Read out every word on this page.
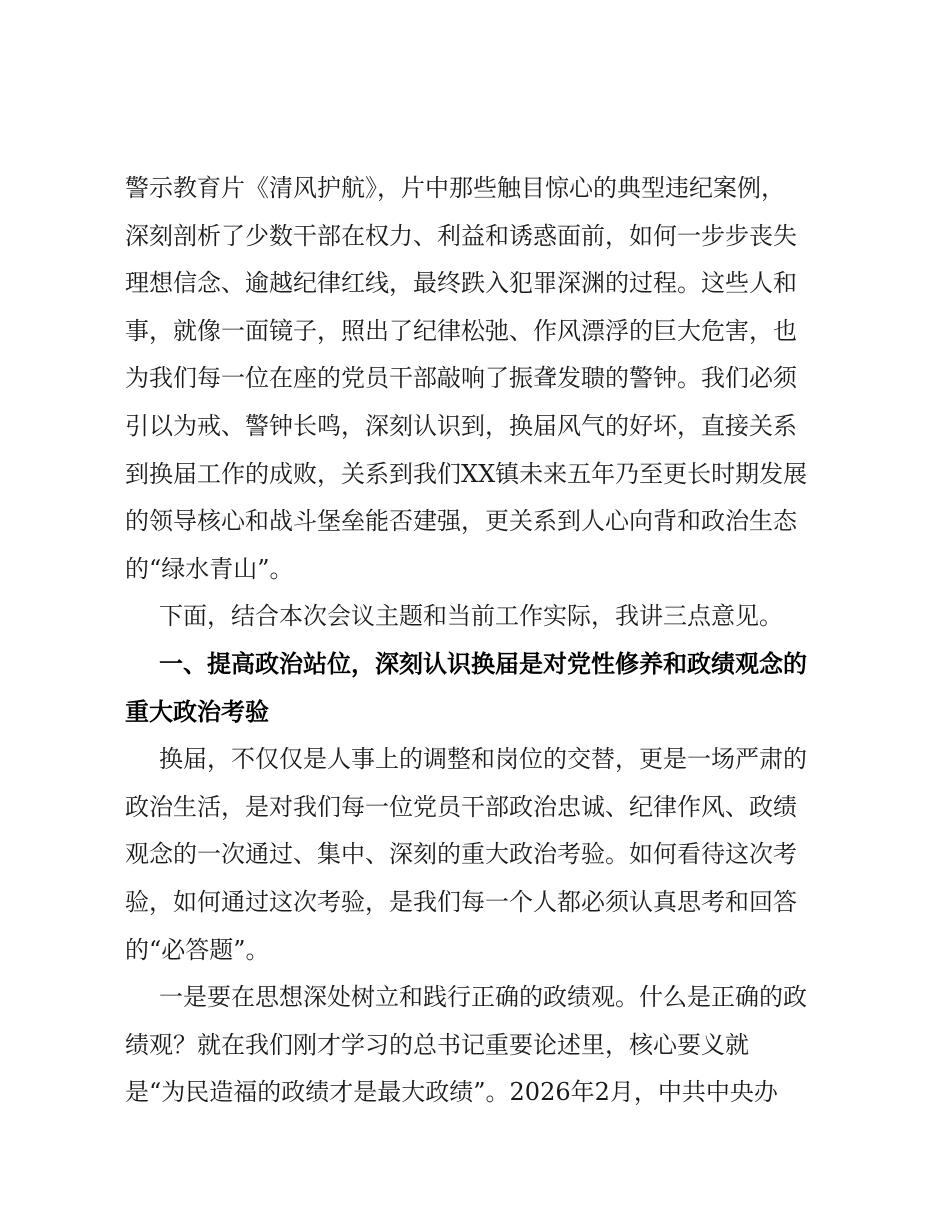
警示教育片《清风护航》，片中那些触目惊心的典型违纪案例，
深刻剖析了少数干部在权力、利益和诱惑面前，如何一步步丧失
理想信念、逾越纪律红线，最终跌入犯罪深渊的过程。这些人和
事，就像一面镜子，照出了纪律松弛、作风漂浮的巨大危害，也
为我们每一位在座的党员干部敲响了振聋发聩的警钟。我们必须
引以为戒、警钟长鸣，深刻认识到，换届风气的好坏，直接关系
到换届工作的成败，关系到我们XX镇未来五年乃至更长时期发展
的领导核心和战斗堡垒能否建强，更关系到人心向背和政治生态
的“绿水青山”。
下面，结合本次会议主题和当前工作实际，我讲三点意见。
一、提高政治站位，深刻认识换届是对党性修养和政绩观念的
重大政治考验
换届，不仅仅是人事上的调整和岗位的交替，更是一场严肃的
政治生活，是对我们每一位党员干部政治忠诚、纪律作风、政绩
观念的一次通过、集中、深刻的重大政治考验。如何看待这次考
验，如何通过这次考验，是我们每一个人都必须认真思考和回答
的“必答题”。
一是要在思想深处树立和践行正确的政绩观。什么是正确的政
绩观？就在我们刚才学习的总书记重要论述里，核心要义就
是“为民造福的政绩才是最大政绩”。2026年2月，中共中央办
